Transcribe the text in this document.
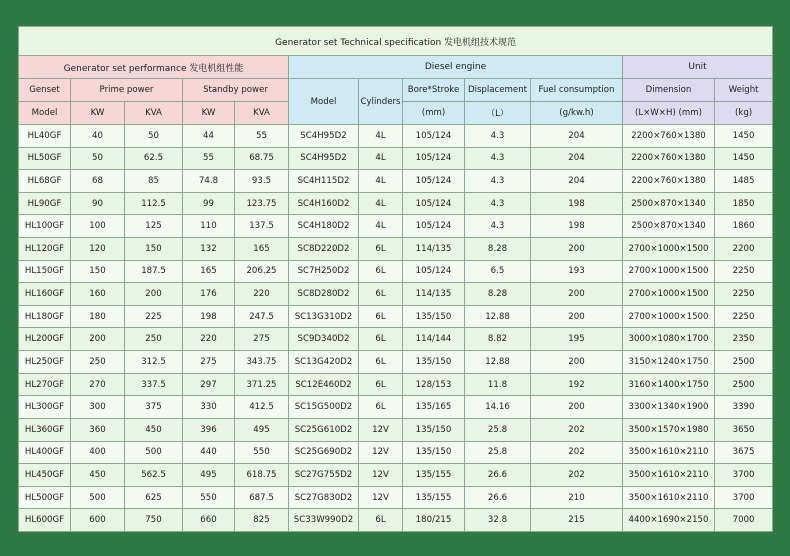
Generator set Technical specification 发电机组技术规范											
Generator set performance 发电机组性能					Diesel engine					Unit	
Genset	Prime power		Standby power		Model	Cylinders	Bore*Stroke	Displacement	Fuel consumption	Dimension	Weight
Model	KW	KVA	KW	KVA			(mm)	（L）	(g/kw.h)	(L×W×H) (mm)	(kg)
HL40GF	40	50	44	55	SC4H95D2	4L	105/124	4.3	204	2200×760×1380	1450
HL50GF	50	62.5	55	68.75	SC4H95D2	4L	105/124	4.3	204	2200×760×1380	1450
HL68GF	68	85	74.8	93.5	SC4H115D2	4L	105/124	4.3	204	2200×760×1380	1485
HL90GF	90	112.5	99	123.75	SC4H160D2	4L	105/124	4.3	198	2500×870×1340	1850
HL100GF	100	125	110	137.5	SC4H180D2	4L	105/124	4.3	198	2500×870×1340	1860
HL120GF	120	150	132	165	SC8D220D2	6L	114/135	8.28	200	2700×1000×1500	2200
HL150GF	150	187.5	165	206.25	SC7H250D2	6L	105/124	6.5	193	2700×1000×1500	2250
HL160GF	160	200	176	220	SC8D280D2	6L	114/135	8.28	200	2700×1000×1500	2250
HL180GF	180	225	198	247.5	SC13G310D2	6L	135/150	12.88	200	2700×1000×1500	2250
HL200GF	200	250	220	275	SC9D340D2	6L	114/144	8.82	195	3000×1080×1700	2350
HL250GF	250	312.5	275	343.75	SC13G420D2	6L	135/150	12.88	200	3150×1240×1750	2500
HL270GF	270	337.5	297	371.25	SC12E460D2	6L	128/153	11.8	192	3160×1400×1750	2500
HL300GF	300	375	330	412.5	SC15G500D2	6L	135/165	14.16	200	3300×1340×1900	3390
HL360GF	360	450	396	495	SC25G610D2	12V	135/150	25.8	202	3500×1570×1980	3650
HL400GF	400	500	440	550	SC25G690D2	12V	135/150	25.8	202	3500×1610×2110	3675
HL450GF	450	562.5	495	618.75	SC27G755D2	12V	135/155	26.6	202	3500×1610×2110	3700
HL500GF	500	625	550	687.5	SC27G830D2	12V	135/155	26.6	210	3500×1610×2110	3700
HL600GF	600	750	660	825	SC33W990D2	6L	180/215	32.8	215	4400×1690×2150	7000
